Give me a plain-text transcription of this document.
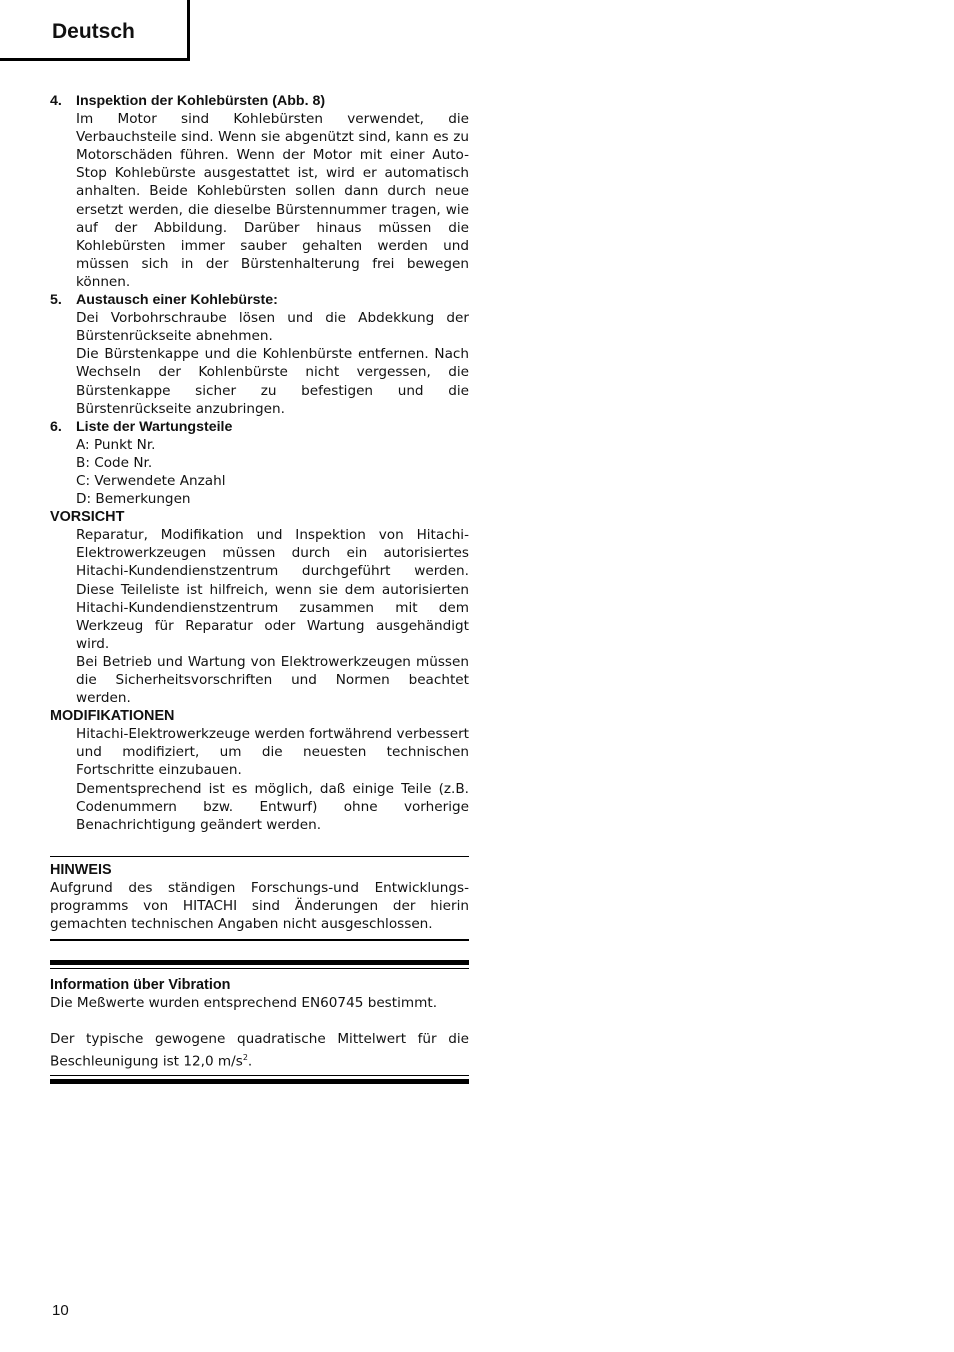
Deutsch
4. Inspektion der Kohlebürsten (Abb. 8)

Im Motor sind Kohlebürsten verwendet, die Verbauchsteile sind. Wenn sie abgenützt sind, kann es zu Motorschäden führen. Wenn der Motor mit einer Auto-Stop Kohlebürste ausgestattet ist, wird er automatisch anhalten. Beide Kohlebürsten sollen dann durch neue ersetzt werden, die dieselbe Bürstennummer tragen, wie auf der Abbildung. Darüber hinaus müssen die Kohlebürsten immer sauber gehalten werden und müssen sich in der Bürstenhalterung frei bewegen können.

5. Austausch einer Kohlebürste:

Dei Vorbohrschraube lösen und die Abdekkung der Bürstenrückseite abnehmen.

Die Bürstenkappe und die Kohlenbürste entfernen. Nach Wechseln der Kohlenbürste nicht vergessen, die Bürstenkappe sicher zu befestigen und die Bürstenrückseite anzubringen.

6. Liste der Wartungsteile
A: Punkt Nr.
B: Code Nr.
C: Verwendete Anzahl
D: Bemerkungen
VORSICHT

Reparatur, Modifikation und Inspektion von Hitachi-Elektrowerkzeugen müssen durch ein autorisiertes Hitachi-Kundendienstzentrum durchgeführt werden. Diese Teileliste ist hilfreich, wenn sie dem autorisierten Hitachi-Kundendienstzentrum zusammen mit dem Werkzeug für Reparatur oder Wartung ausgehändigt wird.

Bei Betrieb und Wartung von Elektrowerkzeugen müssen die Sicherheitsvorschriften und Normen beachtet werden.

MODIFIKATIONEN

Hitachi-Elektrowerkzeuge werden fortwährend verbessert und modifiziert, um die neuesten technischen Fortschritte einzubauen.

Dementsprechend ist es möglich, daß einige Teile (z.B. Codenummern bzw. Entwurf) ohne vorherige Benachrichtigung geändert werden.

HINWEIS

Aufgrund des ständigen Forschungs-und Entwicklungs-programms von HITACHI sind Änderungen der hierin gemachten technischen Angaben nicht ausgeschlossen.

Information über Vibration

Die Meßwerte wurden entsprechend EN60745 bestimmt.

Der typische gewogene quadratische Mittelwert für die Beschleunigung ist 12,0 $m/s^2$.

10
